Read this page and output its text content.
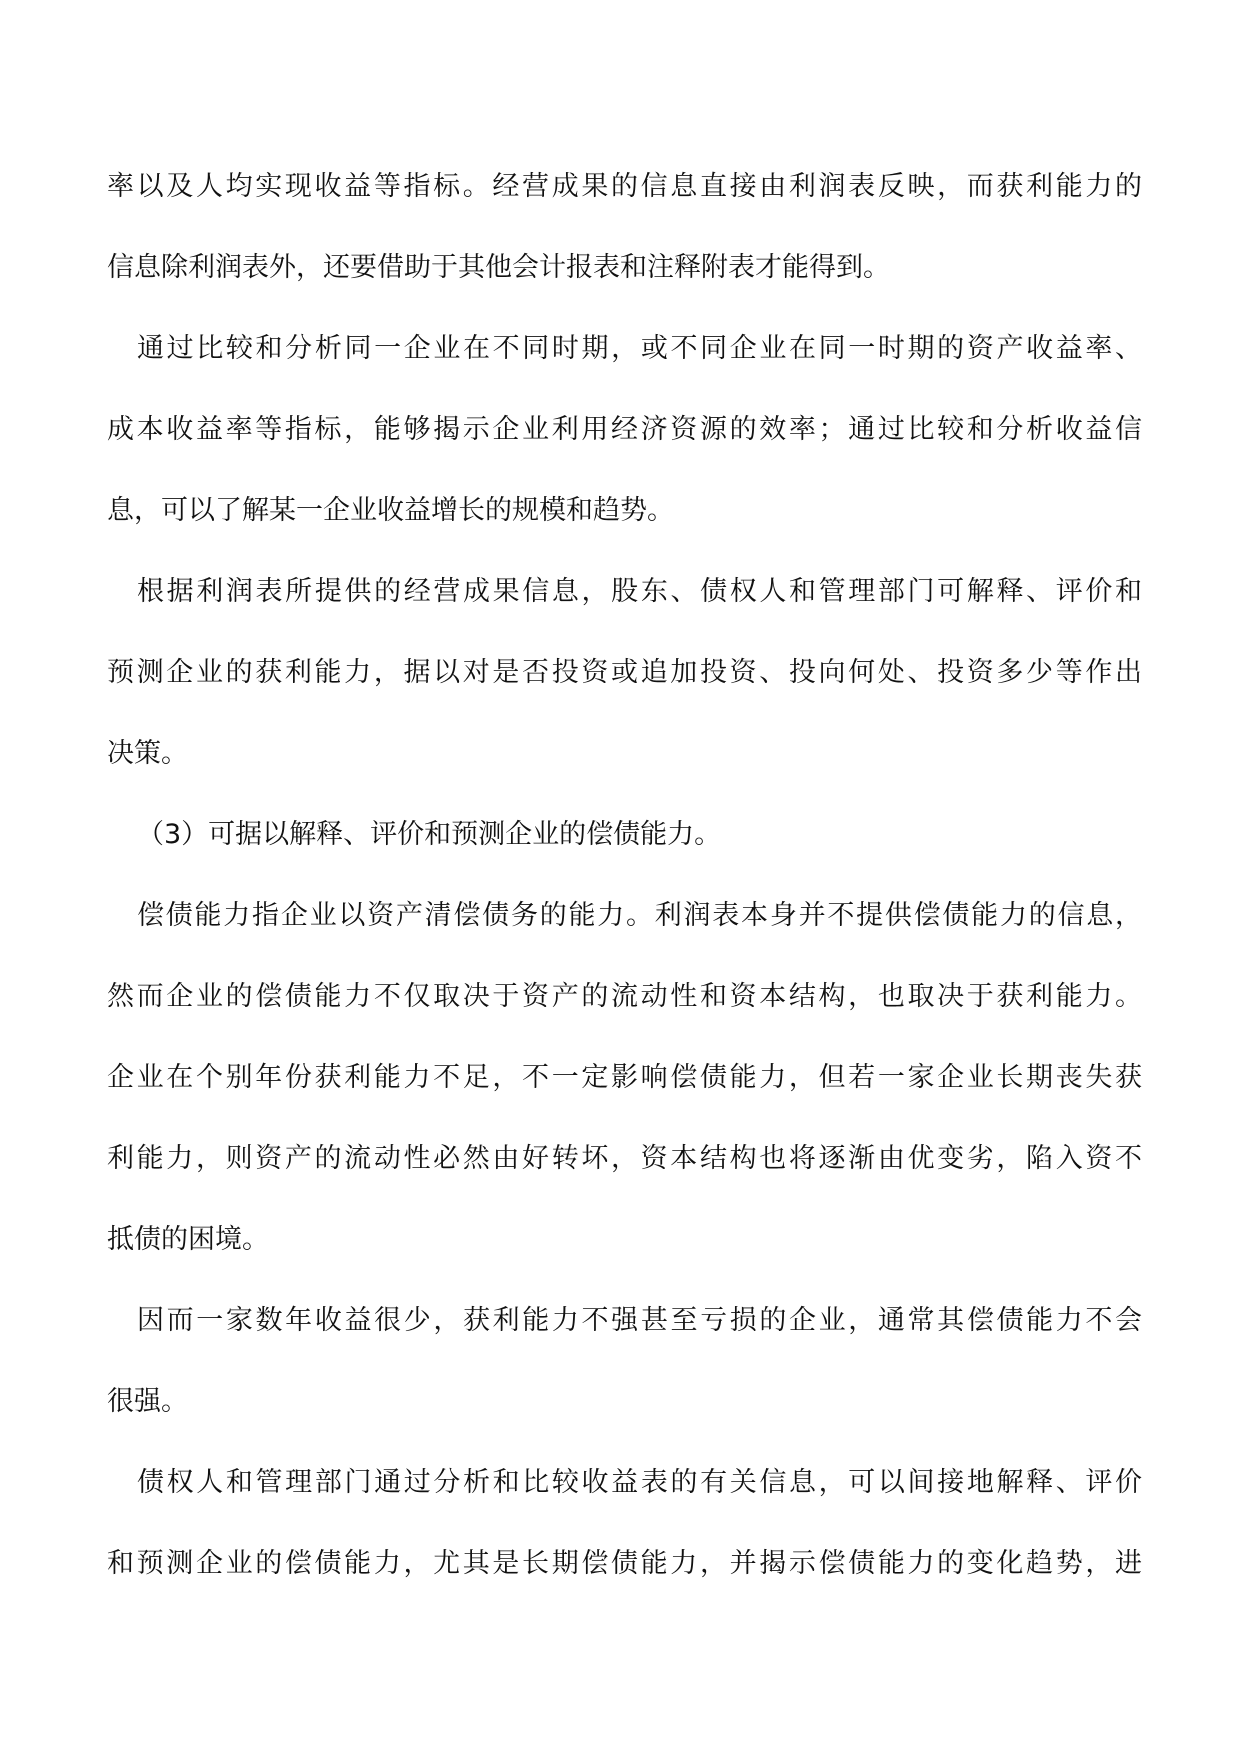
率以及人均实现收益等指标。经营成果的信息直接由利润表反映，而获利能力的
信息除利润表外，还要借助于其他会计报表和注释附表才能得到。
通过比较和分析同一企业在不同时期，或不同企业在同一时期的资产收益率、
成本收益率等指标，能够揭示企业利用经济资源的效率；通过比较和分析收益信
息，可以了解某一企业收益增长的规模和趋势。
根据利润表所提供的经营成果信息，股东、债权人和管理部门可解释、评价和
预测企业的获利能力，据以对是否投资或追加投资、投向何处、投资多少等作出
决策。
（3）可据以解释、评价和预测企业的偿债能力。
偿债能力指企业以资产清偿债务的能力。利润表本身并不提供偿债能力的信息，
然而企业的偿债能力不仅取决于资产的流动性和资本结构，也取决于获利能力。
企业在个别年份获利能力不足，不一定影响偿债能力，但若一家企业长期丧失获
利能力，则资产的流动性必然由好转坏，资本结构也将逐渐由优变劣，陷入资不
抵债的困境。
因而一家数年收益很少，获利能力不强甚至亏损的企业，通常其偿债能力不会
很强。
债权人和管理部门通过分析和比较收益表的有关信息，可以间接地解释、评价
和预测企业的偿债能力，尤其是长期偿债能力，并揭示偿债能力的变化趋势，进
